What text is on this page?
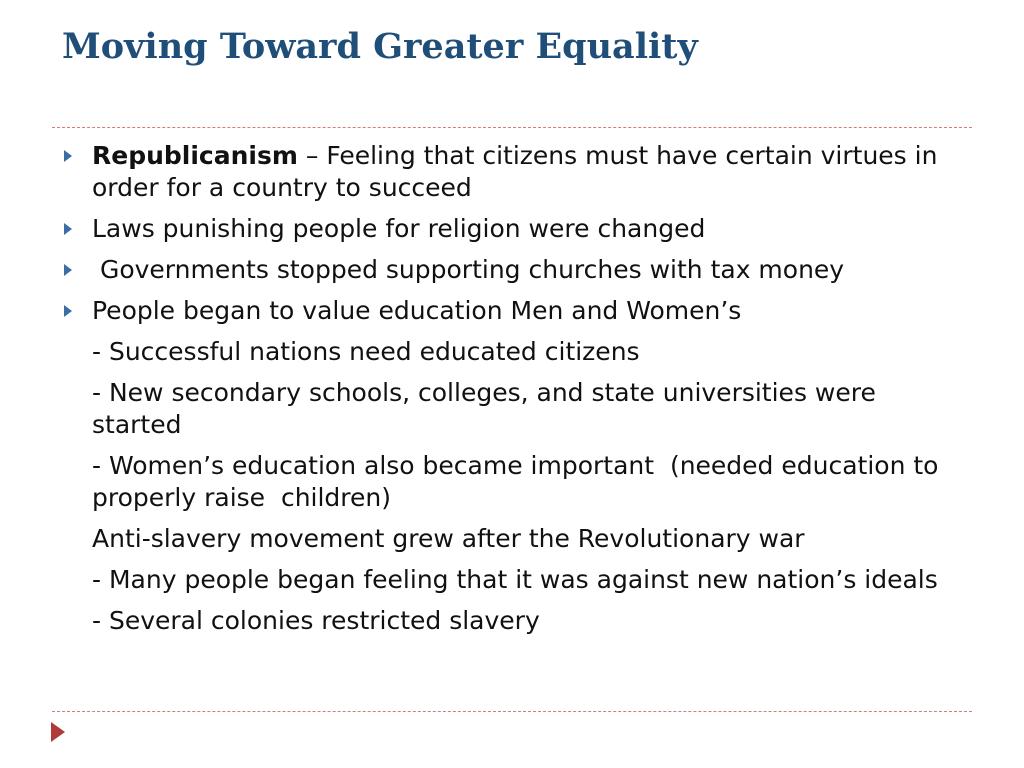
Moving Toward Greater Equality

Republicanism – Feeling that citizens must have certain virtues in order for a country to succeed

Laws punishing people for religion were changed

Governments stopped supporting churches with tax money

People began to value education Men and Women’s

- Successful nations need educated citizens

- New secondary schools, colleges, and state universities were started

- Women’s education also became important  (needed education to properly raise  children)

Anti-slavery movement grew after the Revolutionary war

- Many people began feeling that it was against new nation’s ideals

- Several colonies restricted slavery
